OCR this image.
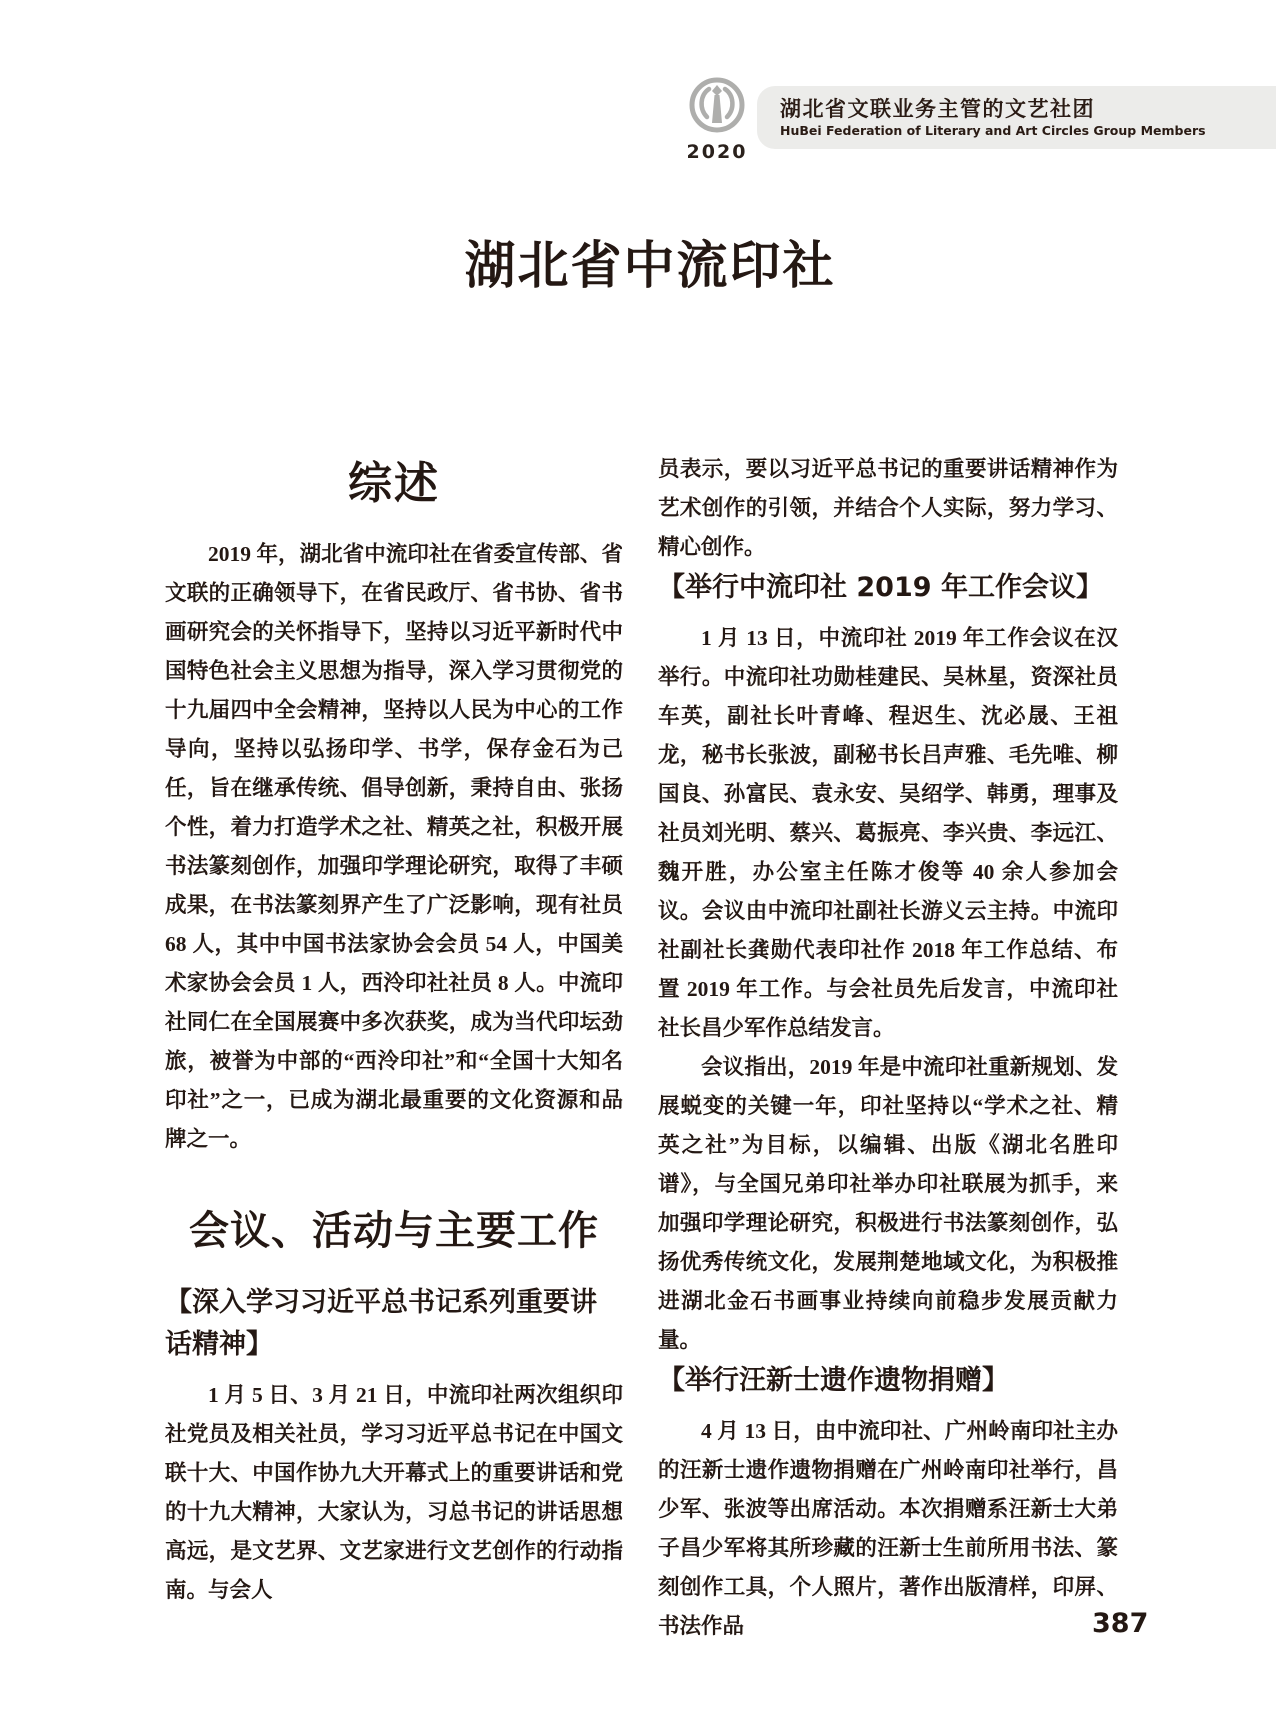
2020
湖北省文联业务主管的文艺社团
HuBei Federation of Literary and Art Circles Group Members
湖北省中流印社
综述

2019 年，湖北省中流印社在省委宣传部、省文联的正确领导下，在省民政厅、省书协、省书画研究会的关怀指导下，坚持以习近平新时代中国特色社会主义思想为指导，深入学习贯彻党的十九届四中全会精神，坚持以人民为中心的工作导向，坚持以弘扬印学、书学，保存金石为己任，旨在继承传统、倡导创新，秉持自由、张扬个性，着力打造学术之社、精英之社，积极开展书法篆刻创作，加强印学理论研究，取得了丰硕成果，在书法篆刻界产生了广泛影响，现有社员 68 人，其中中国书法家协会会员 54 人，中国美术家协会会员 1 人，西泠印社社员 8 人。中流印社同仁在全国展赛中多次获奖，成为当代印坛劲旅，被誉为中部的“西泠印社”和“全国十大知名印社”之一，已成为湖北最重要的文化资源和品牌之一。

会议、活动与主要工作
【深入学习习近平总书记系列重要讲话精神】

1 月 5 日、3 月 21 日，中流印社两次组织印社党员及相关社员，学习习近平总书记在中国文联十大、中国作协九大开幕式上的重要讲话和党的十九大精神，大家认为，习总书记的讲话思想高远，是文艺界、文艺家进行文艺创作的行动指南。与会人

员表示，要以习近平总书记的重要讲话精神作为艺术创作的引领，并结合个人实际，努力学习、精心创作。

【举行中流印社 2019 年工作会议】

1 月 13 日，中流印社 2019 年工作会议在汉举行。中流印社功勋桂建民、吴林星，资深社员车英，副社长叶青峰、程迟生、沈必晟、王祖龙，秘书长张波，副秘书长吕声雅、毛先唯、柳国良、孙富民、袁永安、吴绍学、韩勇，理事及社员刘光明、蔡兴、葛振亮、李兴贵、李远江、魏开胜，办公室主任陈才俊等 40 余人参加会议。会议由中流印社副社长游义云主持。中流印社副社长龚勋代表印社作 2018 年工作总结、布置 2019 年工作。与会社员先后发言，中流印社社长昌少军作总结发言。

会议指出，2019 年是中流印社重新规划、发展蜕变的关键一年，印社坚持以“学术之社、精英之社”为目标，以编辑、出版《湖北名胜印谱》，与全国兄弟印社举办印社联展为抓手，来加强印学理论研究，积极进行书法篆刻创作，弘扬优秀传统文化，发展荆楚地域文化，为积极推进湖北金石书画事业持续向前稳步发展贡献力量。

【举行汪新士遗作遗物捐赠】

4 月 13 日，由中流印社、广州岭南印社主办的汪新士遗作遗物捐赠在广州岭南印社举行，昌少军、张波等出席活动。本次捐赠系汪新士大弟子昌少军将其所珍藏的汪新士生前所用书法、篆刻创作工具，个人照片，著作出版清样，印屏、书法作品	387
